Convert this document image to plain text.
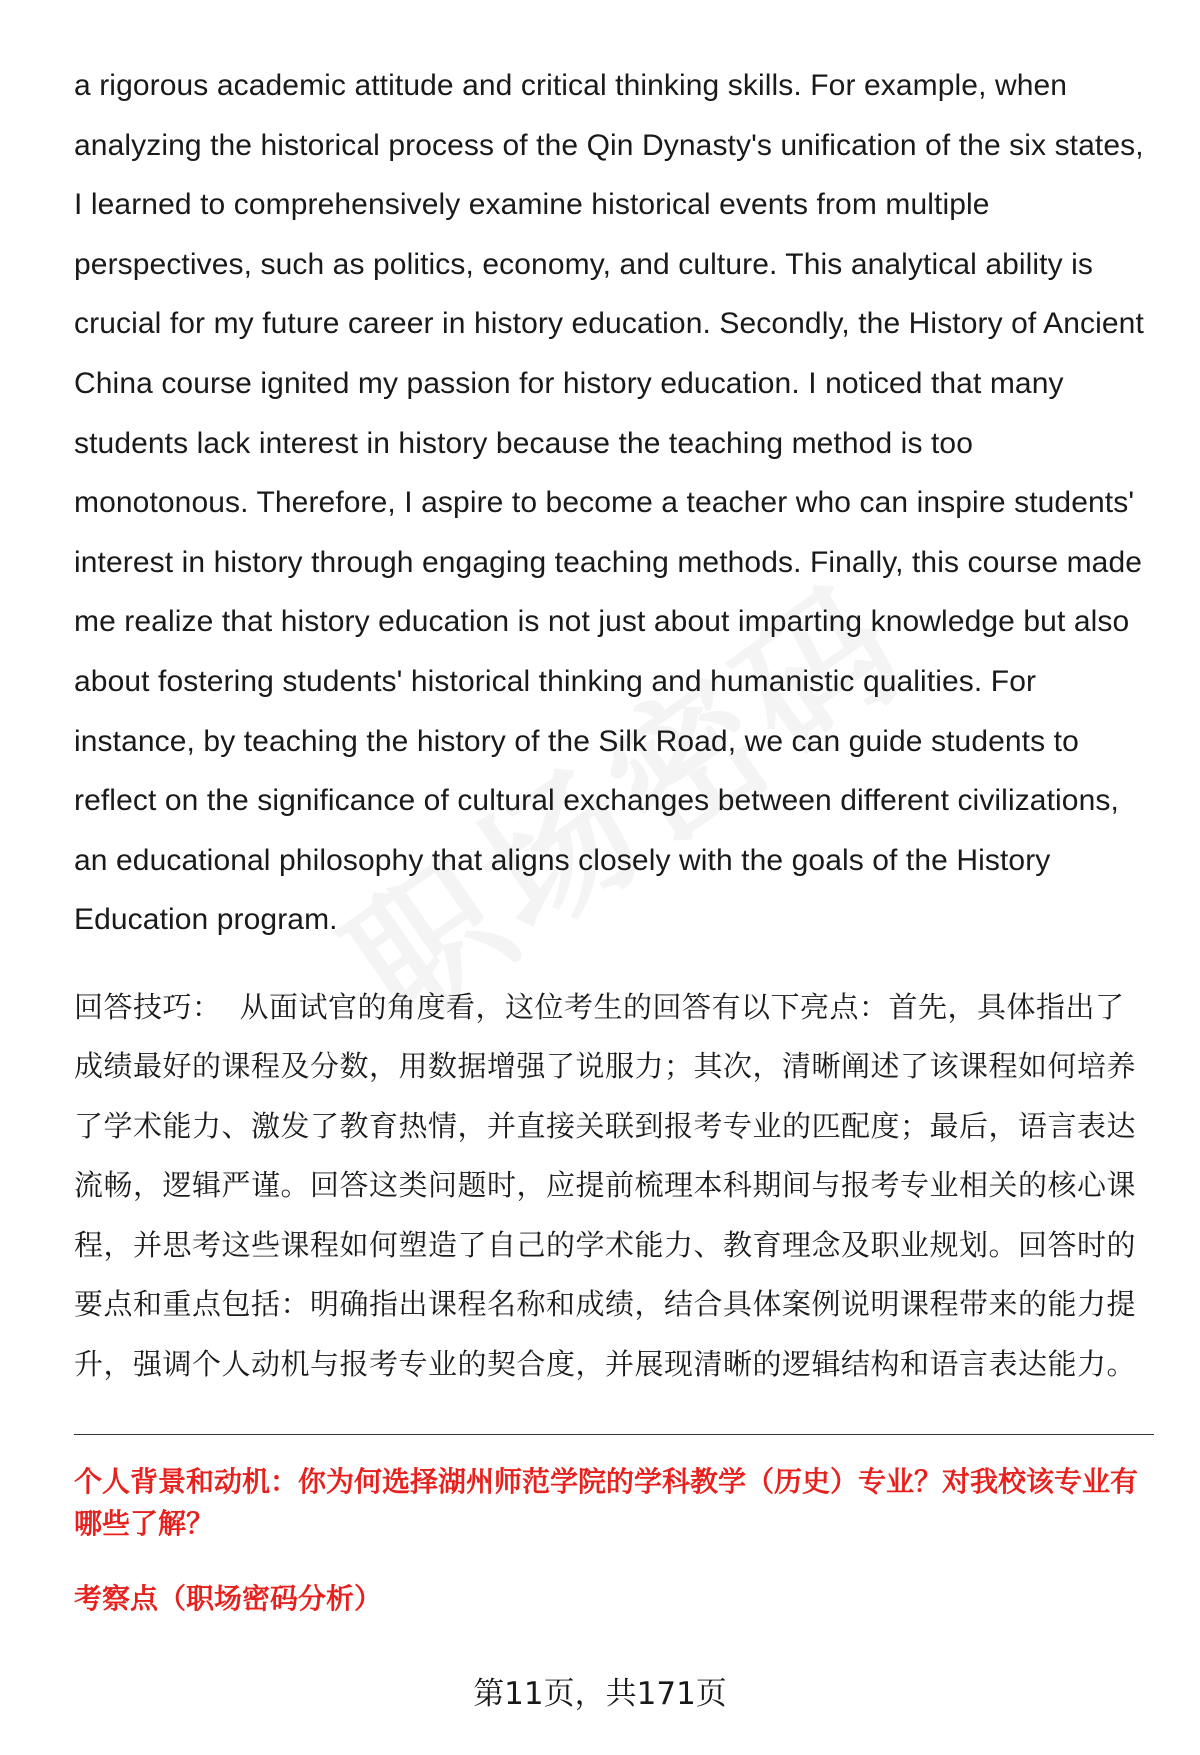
a rigorous academic attitude and critical thinking skills. For example, when analyzing the historical process of the Qin Dynasty's unification of the six states, I learned to comprehensively examine historical events from multiple perspectives, such as politics, economy, and culture. This analytical ability is crucial for my future career in history education. Secondly, the History of Ancient China course ignited my passion for history education. I noticed that many students lack interest in history because the teaching method is too monotonous. Therefore, I aspire to become a teacher who can inspire students' interest in history through engaging teaching methods. Finally, this course made me realize that history education is not just about imparting knowledge but also about fostering students' historical thinking and humanistic qualities. For instance, by teaching the history of the Silk Road, we can guide students to reflect on the significance of cultural exchanges between different civilizations, an educational philosophy that aligns closely with the goals of the History Education program.

回答技巧： 从面试官的角度看，这位考生的回答有以下亮点：首先，具体指出了成绩最好的课程及分数，用数据增强了说服力；其次，清晰阐述了该课程如何培养了学术能力、激发了教育热情，并直接关联到报考专业的匹配度；最后，语言表达流畅，逻辑严谨。回答这类问题时，应提前梳理本科期间与报考专业相关的核心课程，并思考这些课程如何塑造了自己的学术能力、教育理念及职业规划。回答时的要点和重点包括：明确指出课程名称和成绩，结合具体案例说明课程带来的能力提升，强调个人动机与报考专业的契合度，并展现清晰的逻辑结构和语言表达能力。
个人背景和动机：你为何选择湖州师范学院的学科教学（历史）专业？对我校该专业有哪些了解？
考察点（职场密码分析）
第11页，共171页
